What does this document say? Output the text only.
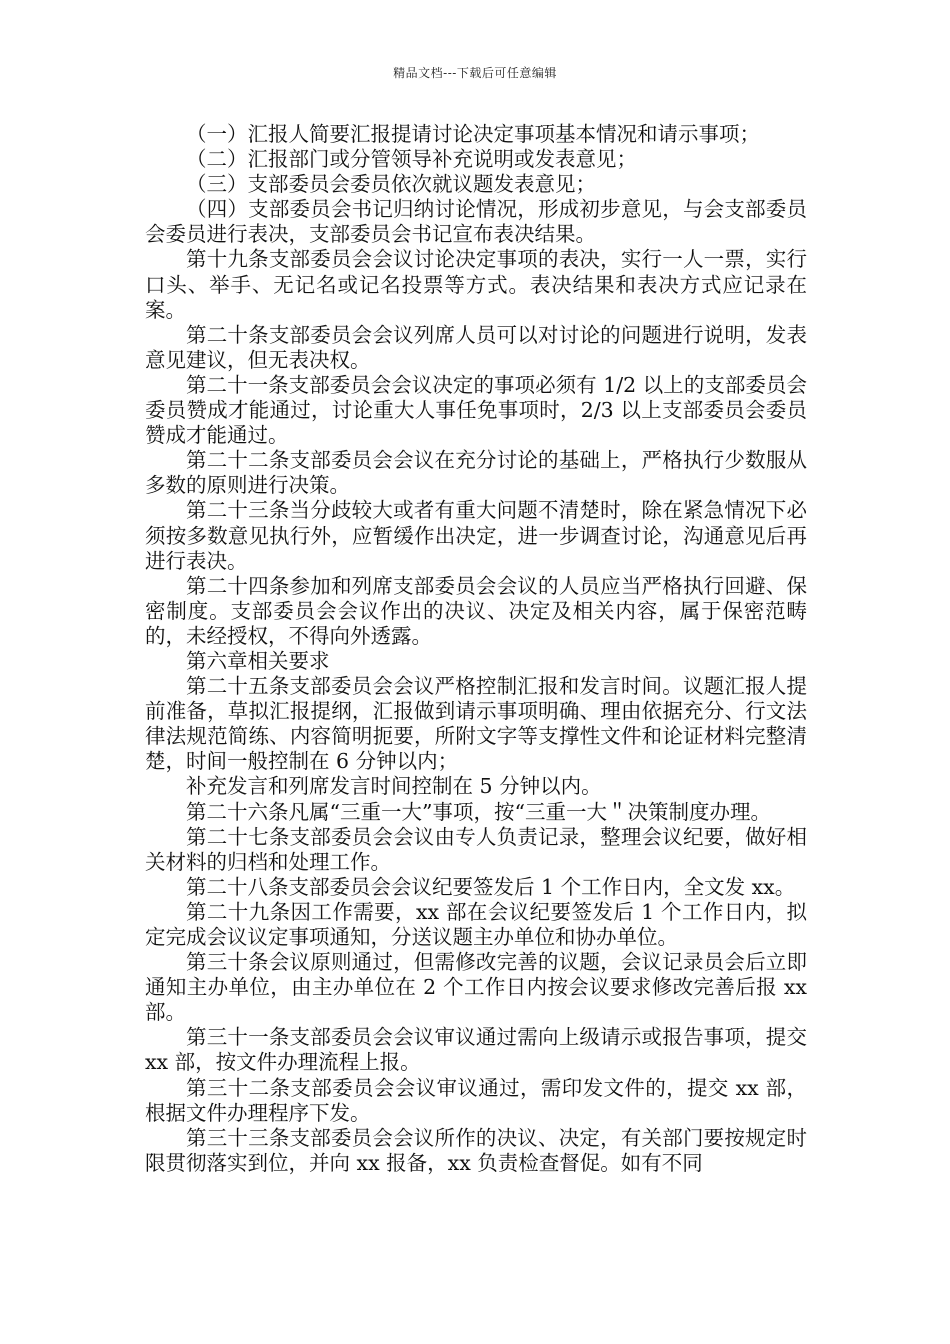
精品文档---下载后可任意编辑

（一）汇报人简要汇报提请讨论决定事项基本情况和请示事项；

（二）汇报部门或分管领导补充说明或发表意见；

（三）支部委员会委员依次就议题发表意见；

（四）支部委员会书记归纳讨论情况，形成初步意见，与会支部委员会委员进行表决，支部委员会书记宣布表决结果。

第十九条支部委员会会议讨论决定事项的表决，实行一人一票，实行口头、举手、无记名或记名投票等方式。表决结果和表决方式应记录在案。

第二十条支部委员会会议列席人员可以对讨论的问题进行说明，发表意见建议，但无表决权。

第二十一条支部委员会会议决定的事项必须有 1/2 以上的支部委员会委员赞成才能通过，讨论重大人事任免事项时，2/3 以上支部委员会委员赞成才能通过。

第二十二条支部委员会会议在充分讨论的基础上，严格执行少数服从多数的原则进行决策。

第二十三条当分歧较大或者有重大问题不清楚时，除在紧急情况下必须按多数意见执行外，应暂缓作出决定，进一步调查讨论，沟通意见后再进行表决。

第二十四条参加和列席支部委员会会议的人员应当严格执行回避、保密制度。支部委员会会议作出的决议、决定及相关内容，属于保密范畴的，未经授权，不得向外透露。

第六章相关要求

第二十五条支部委员会会议严格控制汇报和发言时间。议题汇报人提前准备，草拟汇报提纲，汇报做到请示事项明确、理由依据充分、行文法律法规范简练、内容简明扼要，所附文字等支撑性文件和论证材料完整清楚，时间一般控制在 6 分钟以内；

补充发言和列席发言时间控制在 5 分钟以内。

第二十六条凡属“三重一大”事项，按“三重一大＂决策制度办理。

第二十七条支部委员会会议由专人负责记录，整理会议纪要，做好相关材料的归档和处理工作。

第二十八条支部委员会会议纪要签发后 1 个工作日内，全文发 xx。

第二十九条因工作需要，xx 部在会议纪要签发后 1 个工作日内，拟定完成会议议定事项通知，分送议题主办单位和协办单位。

第三十条会议原则通过，但需修改完善的议题，会议记录员会后立即通知主办单位，由主办单位在 2 个工作日内按会议要求修改完善后报 xx 部。

第三十一条支部委员会会议审议通过需向上级请示或报告事项，提交 xx 部，按文件办理流程上报。

第三十二条支部委员会会议审议通过，需印发文件的，提交 xx 部，根据文件办理程序下发。

第三十三条支部委员会会议所作的决议、决定，有关部门要按规定时限贯彻落实到位，并向 xx 报备，xx 负责检查督促。如有不同
